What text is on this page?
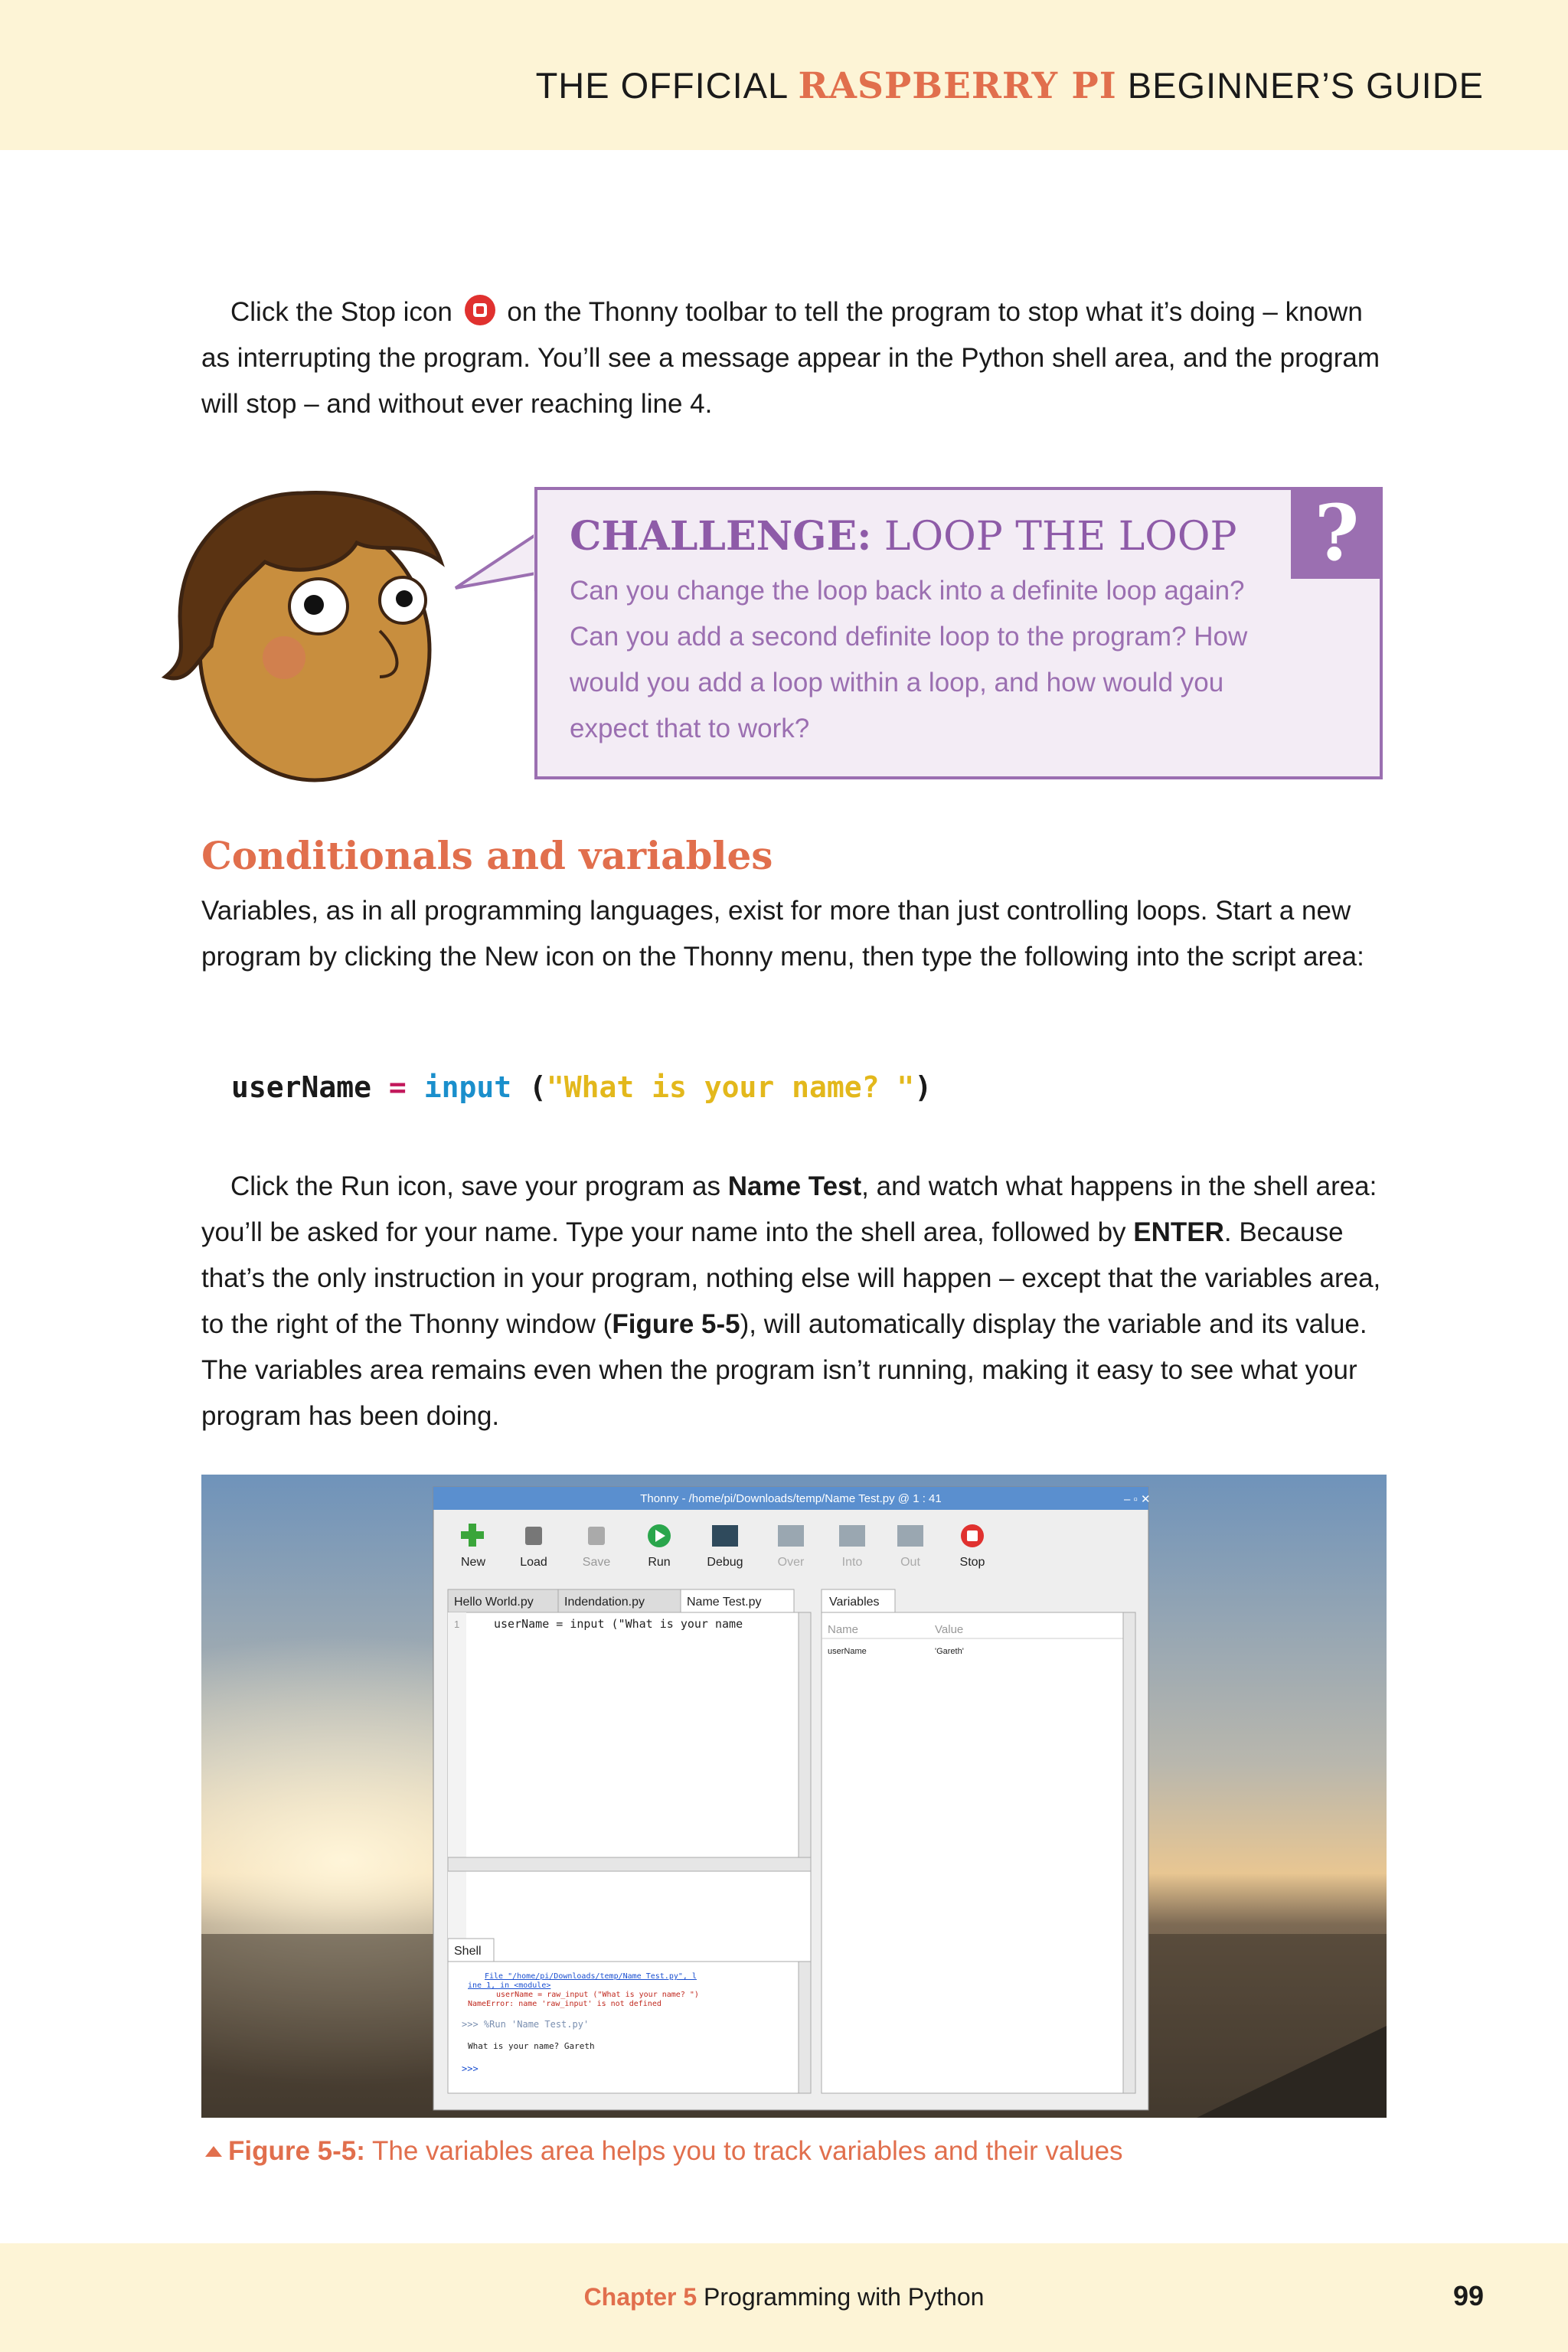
THE OFFICIAL RASPBERRY PI BEGINNER’S GUIDE

Click the Stop icon
on the Thonny toolbar to tell the program to stop what it’s doing – known as interrupting the program. You’ll see a message appear in the Python shell area, and the program will stop – and without ever reaching line 4.

?
CHALLENGE: LOOP THE LOOP

Can you change the loop back into a definite loop again? Can you add a second definite loop to the program? How would you add a loop within a loop, and how would you expect that to work?

Conditionals and variables

Variables, as in all programming languages, exist for more than just controlling loops. Start a new program by clicking the New icon on the Thonny menu, then type the following into the script area:

userName = input ("What is your name? ")

Click the Run icon, save your program as Name Test, and watch what happens in the shell area: you’ll be asked for your name. Type your name into the shell area, followed by ENTER. Because that’s the only instruction in your program, nothing else will happen – except that the variables area, to the right of the Thonny window (Figure 5-5), will automatically display the variable and its value. The variables area remains even when the program isn’t running, making it easy to see what your program has been doing.

Thonny - /home/pi/Downloads/temp/Name Test.py @ 1 : 41	– ▫ ✕
New	Load	Save	Run	Debug	Over	Into	Out	Stop
Hello World.py	Indendation.py	Name Test.py
1	userName = input ("What is your name
Variables
Name	Value
userName	'Gareth'
Shell
File "/home/pi/Downloads/temp/Name Test.py", l
ine 1, in <module>
userName = raw_input ("What is your name? ")
NameError: name 'raw_input' is not defined
>>> %Run 'Name Test.py'
What is your name? Gareth
>>>
Figure 5-5: The variables area helps you to track variables and their values
Chapter 5 Programming with Python	99
